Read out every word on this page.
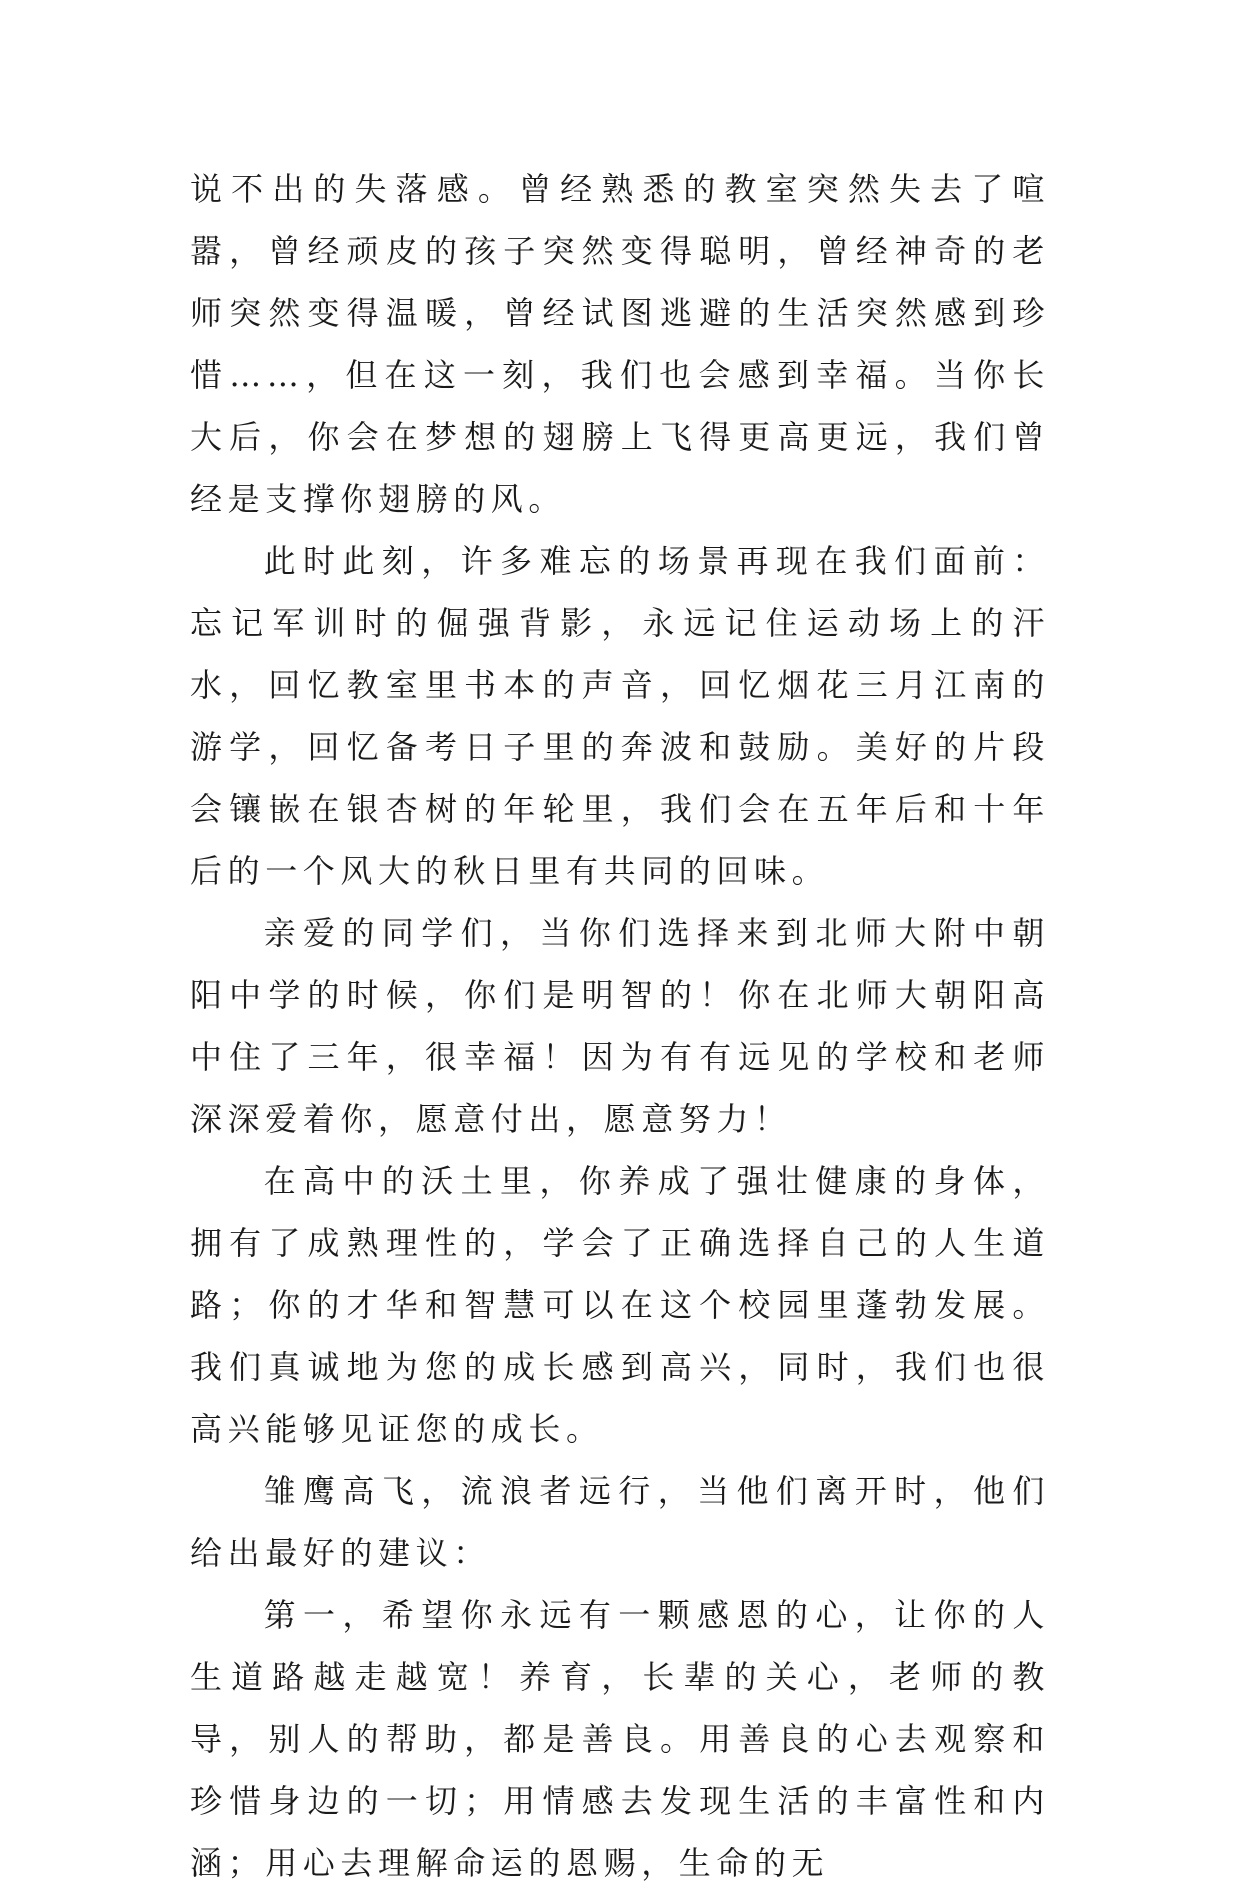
说不出的失落感。曾经熟悉的教室突然失去了喧嚣，曾经顽皮的孩子突然变得聪明，曾经神奇的老师突然变得温暖，曾经试图逃避的生活突然感到珍惜……，但在这一刻，我们也会感到幸福。当你长大后，你会在梦想的翅膀上飞得更高更远，我们曾经是支撑你翅膀的风。

此时此刻，许多难忘的场景再现在我们面前：忘记军训时的倔强背影，永远记住运动场上的汗水，回忆教室里书本的声音，回忆烟花三月江南的游学，回忆备考日子里的奔波和鼓励。美好的片段会镶嵌在银杏树的年轮里，我们会在五年后和十年后的一个风大的秋日里有共同的回味。

亲爱的同学们，当你们选择来到北师大附中朝阳中学的时候，你们是明智的！你在北师大朝阳高中住了三年，很幸福！因为有有远见的学校和老师深深爱着你，愿意付出，愿意努力！

在高中的沃土里，你养成了强壮健康的身体，拥有了成熟理性的，学会了正确选择自己的人生道路；你的才华和智慧可以在这个校园里蓬勃发展。我们真诚地为您的成长感到高兴，同时，我们也很高兴能够见证您的成长。

雏鹰高飞，流浪者远行，当他们离开时，他们给出最好的建议：

第一，希望你永远有一颗感恩的心，让你的人生道路越走越宽！养育，长辈的关心，老师的教导，别人的帮助，都是善良。用善良的心去观察和珍惜身边的一切；用情感去发现生活的丰富性和内涵；用心去理解命运的恩赐，生命的无
